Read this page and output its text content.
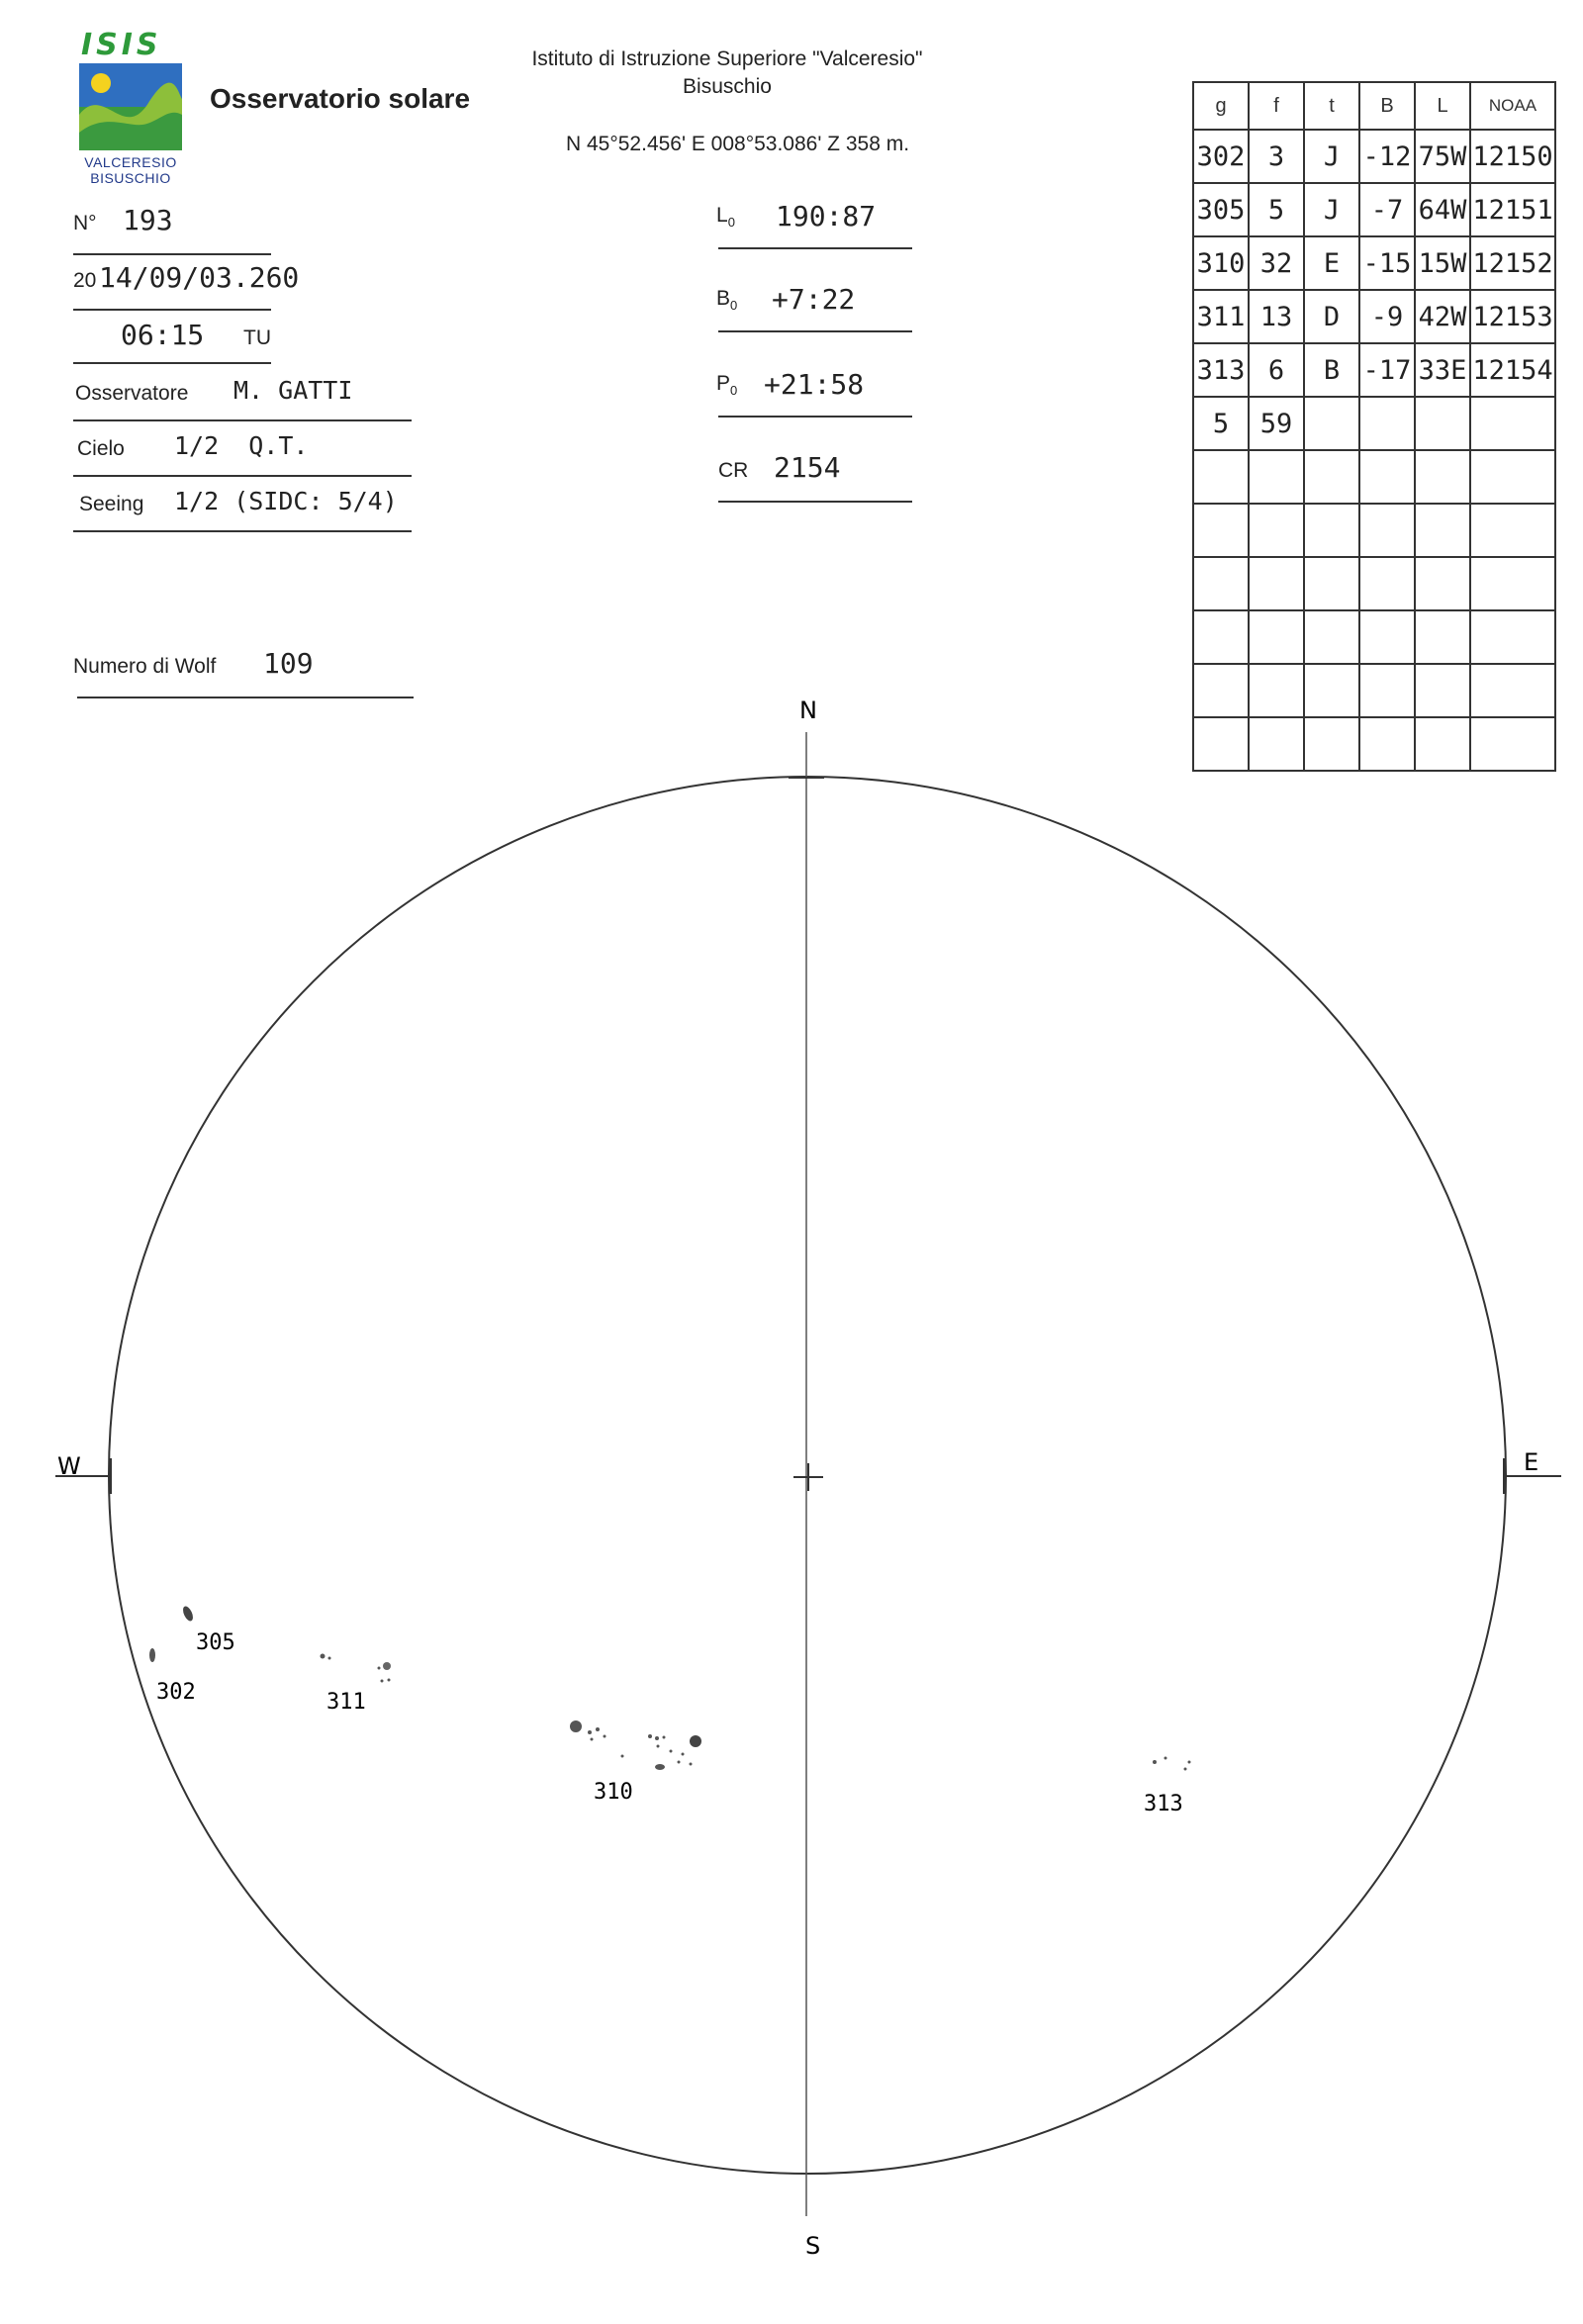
ISIS
VALCERESIO
BISUSCHIO
Osservatorio solare
Istituto di Istruzione Superiore "Valceresio"
Bisuschio
N 45°52.456' E 008°53.086' Z 358 m.
N° 193
20 14/09/03.260
06:15 TU
Osservatore M. GATTI
Cielo 1/2  Q.T.
Seeing 1/2 (SIDC: 5/4)
Numero di Wolf 109
$L_0$ 190:87
$B_0$ +7:22
$P_0$ +21:58
CR 2154
g	f	t	B	L	NOAA
302	3	J	-12	75W	12150
305	5	J	-7	64W	12151
310	32	E	-15	15W	12152
311	13	D	-9	42W	12153
313	6	B	-17	33E	12154
5	59				

N
S
W	E
302
305
311
310	313
